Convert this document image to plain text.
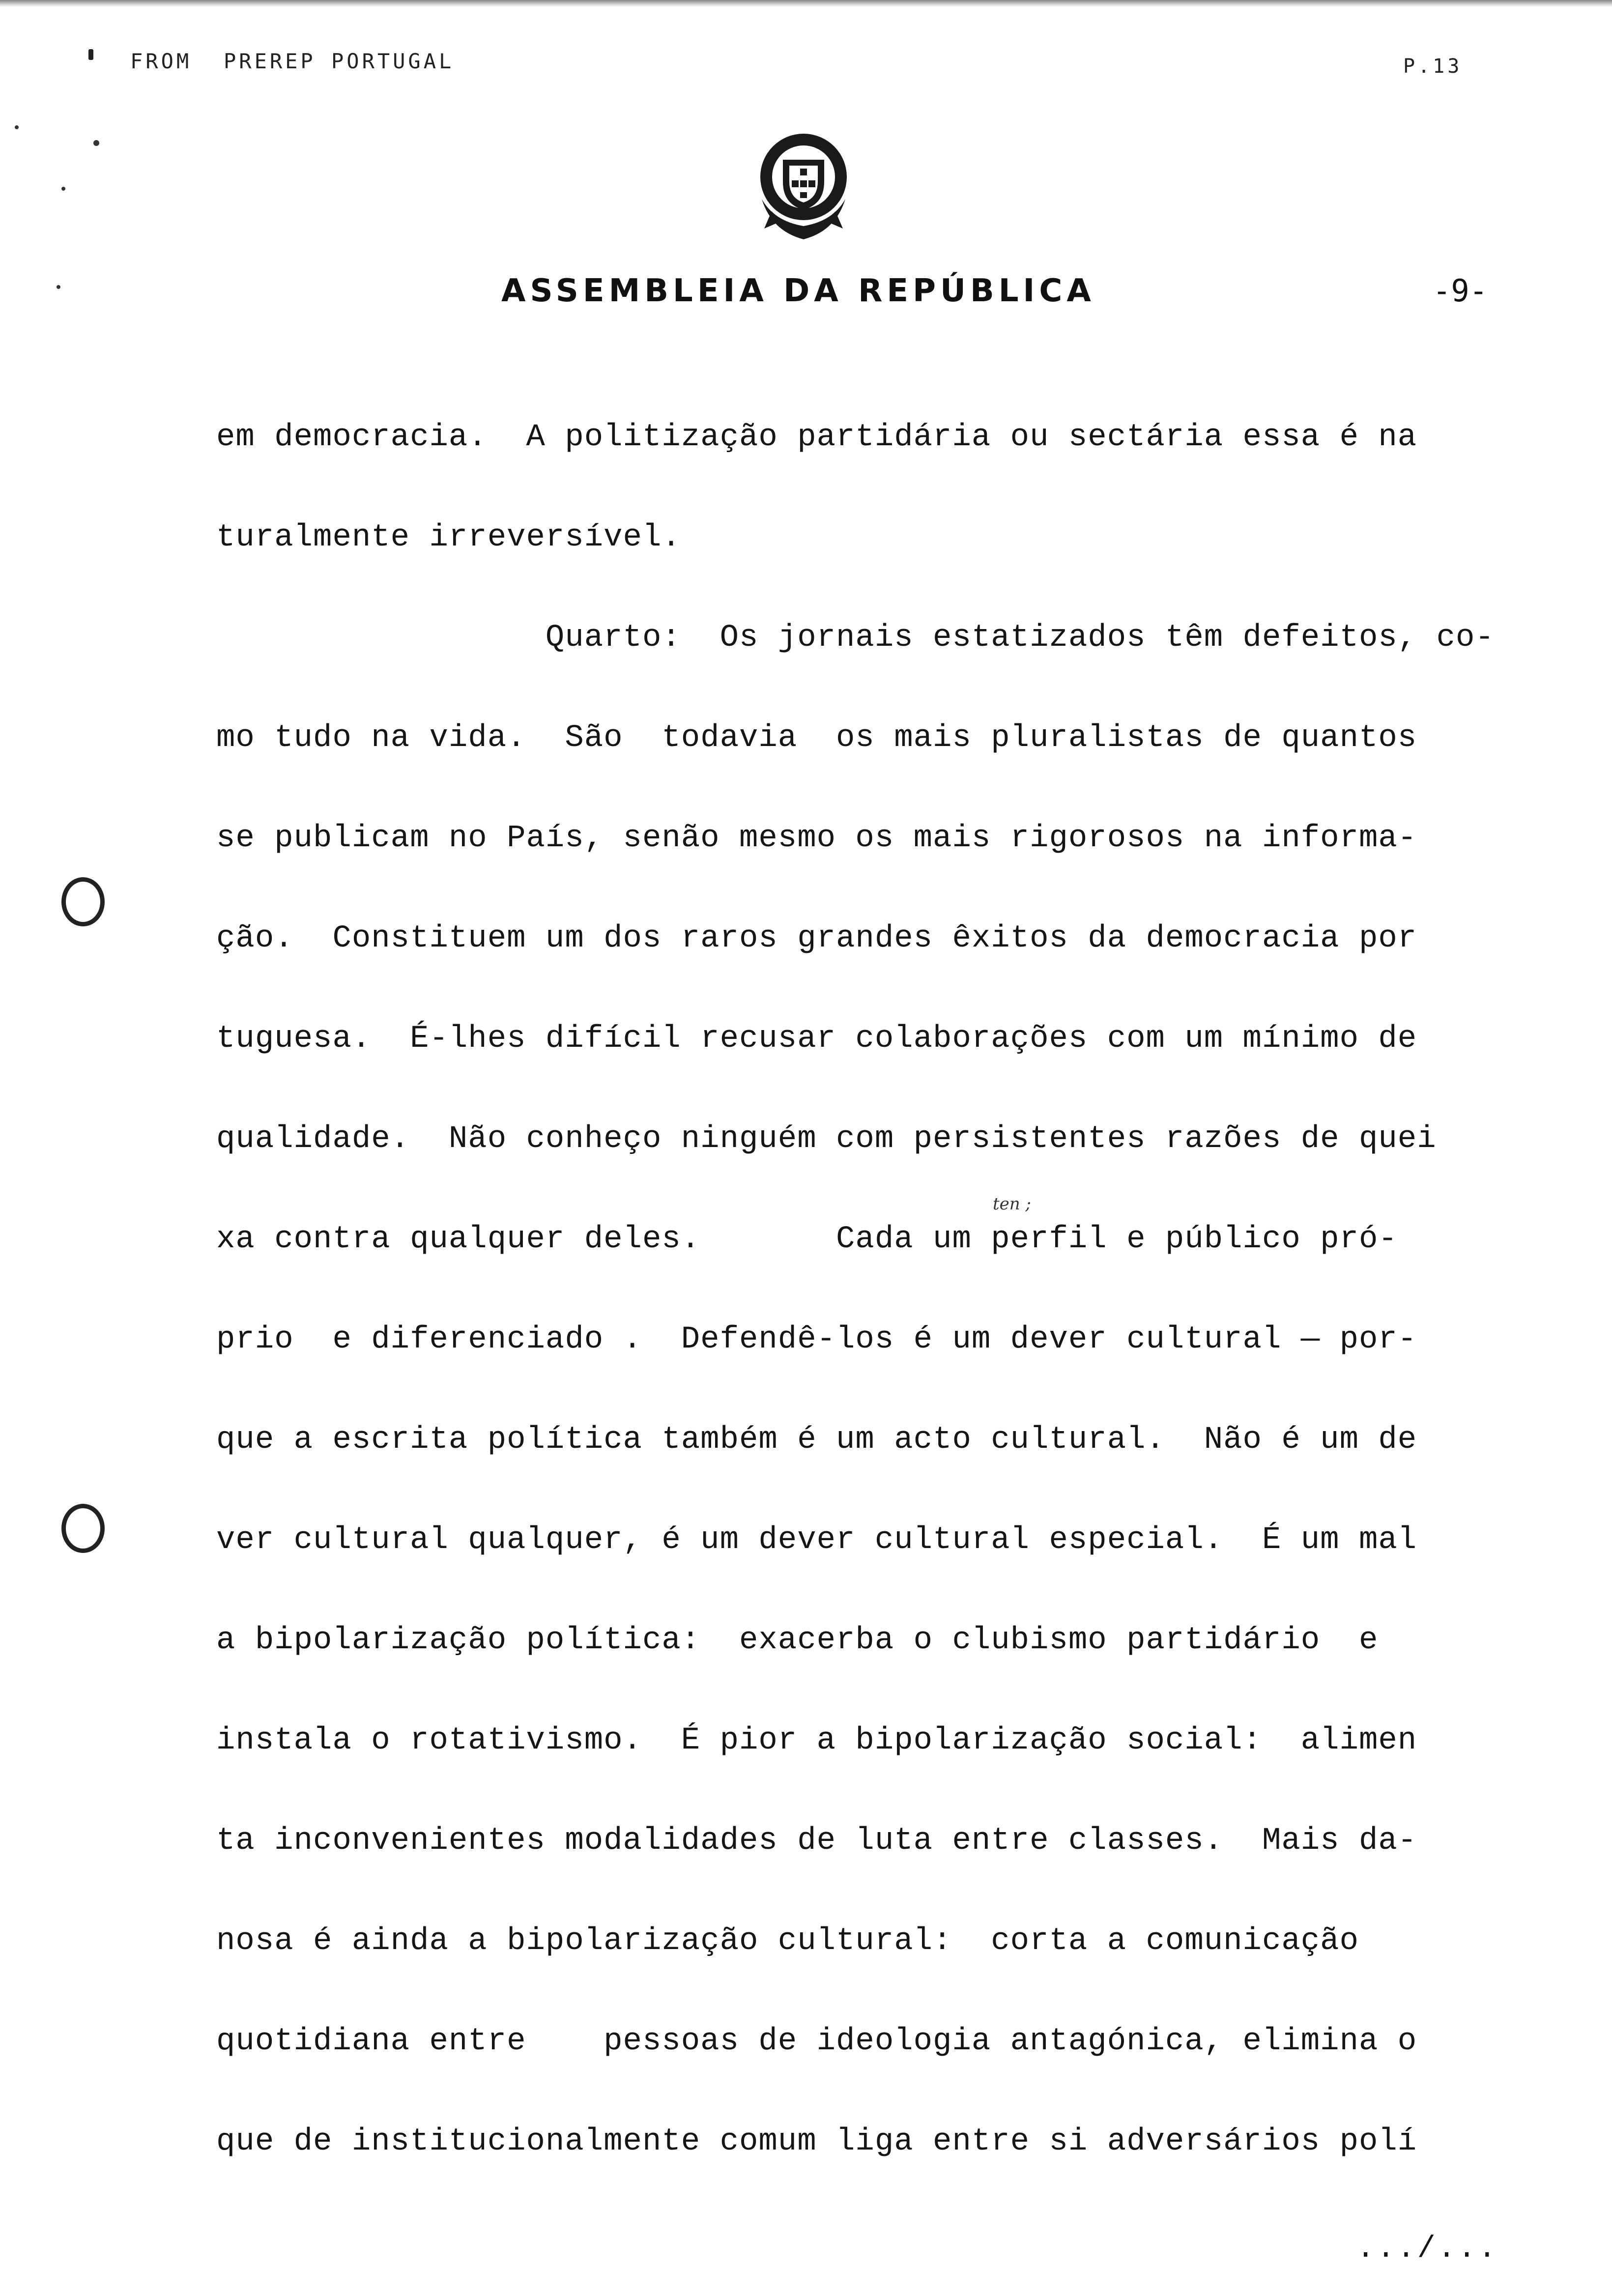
FROM PREREP PORTUGAL	P.13
ASSEMBLEIA DA REPÚBLICA	-9-
ten ;
em democracia.  A politização partidária ou sectária essa é na
turalmente irreversível.
Quarto:  Os jornais estatizados têm defeitos, co-
mo tudo na vida.  São  todavia  os mais pluralistas de quantos
se publicam no País, senão mesmo os mais rigorosos na informa-
ção.  Constituem um dos raros grandes êxitos da democracia por
tuguesa.  É-lhes difícil recusar colaborações com um mínimo de
qualidade.  Não conheço ninguém com persistentes razões de quei
xa contra qualquer deles.       Cada um perfil e público pró-
prio  e diferenciado .  Defendê-los é um dever cultural — por-
que a escrita política também é um acto cultural.  Não é um de
ver cultural qualquer, é um dever cultural especial.  É um mal
a bipolarização política:  exacerba o clubismo partidário  e
instala o rotativismo.  É pior a bipolarização social:  alimen
ta inconvenientes modalidades de luta entre classes.  Mais da-
nosa é ainda a bipolarização cultural:  corta a comunicação
quotidiana entre    pessoas de ideologia antagónica, elimina o
que de institucionalmente comum liga entre si adversários polí
.../...
